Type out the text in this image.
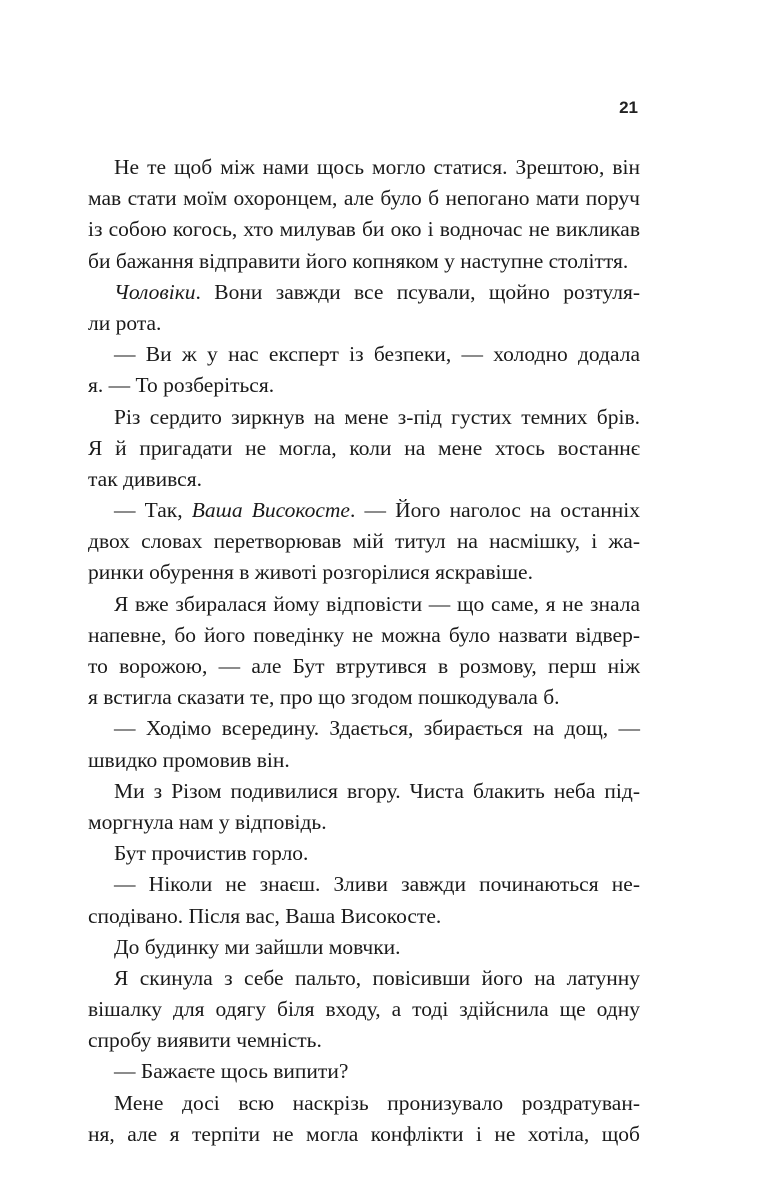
21
Не те щоб між нами щось могло статися. Зрештою, він
мав стати моїм охоронцем, але було б непогано мати поруч
із собою когось, хто милував би око і водночас не викликав
би бажання відправити його копняком у наступне століття.
Чоловіки. Вони завжди все псували, щойно розтуля-
ли рота.
— Ви ж у нас експерт із безпеки, — холодно додала
я. — То розберіться.
Різ сердито зиркнув на мене з-під густих темних брів.
Я й пригадати не могла, коли на мене хтось востаннє
так дивився.
— Так, Ваша Високосте. — Його наголос на останніх
двох словах перетворював мій титул на насмішку, і жа-
ринки обурення в животі розгорілися яскравіше.
Я вже збиралася йому відповісти — що саме, я не знала
напевне, бо його поведінку не можна було назвати відвер-
то ворожою, — але Бут втрутився в розмову, перш ніж
я встигла сказати те, про що згодом пошкодувала б.
— Ходімо всередину. Здається, збирається на дощ, —
швидко промовив він.
Ми з Різом подивилися вгору. Чиста блакить неба під-
моргнула нам у відповідь.
Бут прочистив горло.
— Ніколи не знаєш. Зливи завжди починаються не-
сподівано. Після вас, Ваша Високосте.
До будинку ми зайшли мовчки.
Я скинула з себе пальто, повісивши його на латунну
вішалку для одягу біля входу, а тоді здійснила ще одну
спробу виявити чемність.
— Бажаєте щось випити?
Мене досі всю наскрізь пронизувало роздратуван-
ня, але я терпіти не могла конфлікти і не хотіла, щоб
